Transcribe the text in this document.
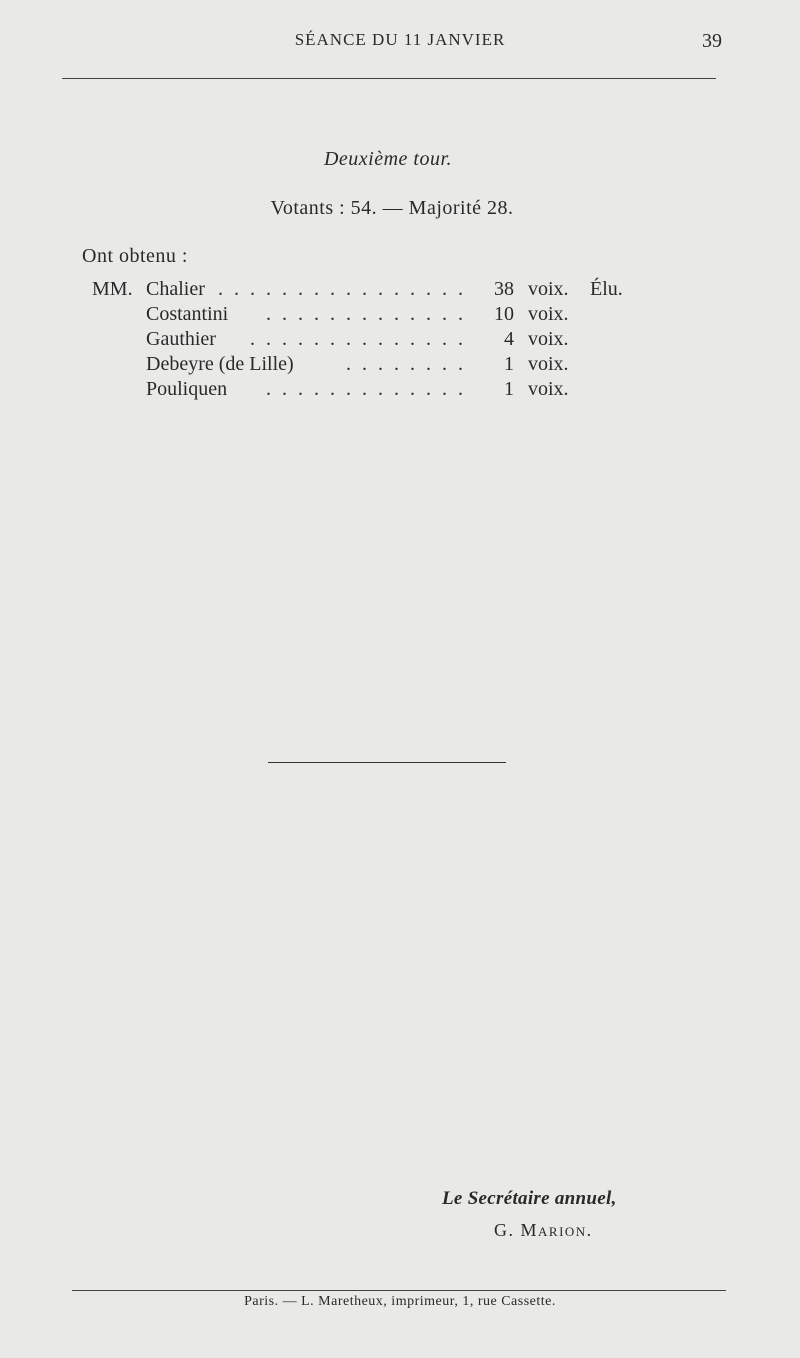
SÉANCE DU 11 JANVIER	39
Deuxième tour.
Votants : 54. — Majorité 28.
Ont obtenu :
MM. Chalier . . . . . . . . . . . . . . . .	38 voix. Élu.
Costantini . . . . . . . . . . . . .	10 voix.
Gauthier . . . . . . . . . . . . . .	4 voix.
Debeyre (de Lille)	. . . . . . . .	1 voix.
Pouliquen . . . . . . . . . . . . .	1 voix.
Le Secrétaire annuel,
G. Marion.
Paris. — L. Maretheux, imprimeur, 1, rue Cassette.
